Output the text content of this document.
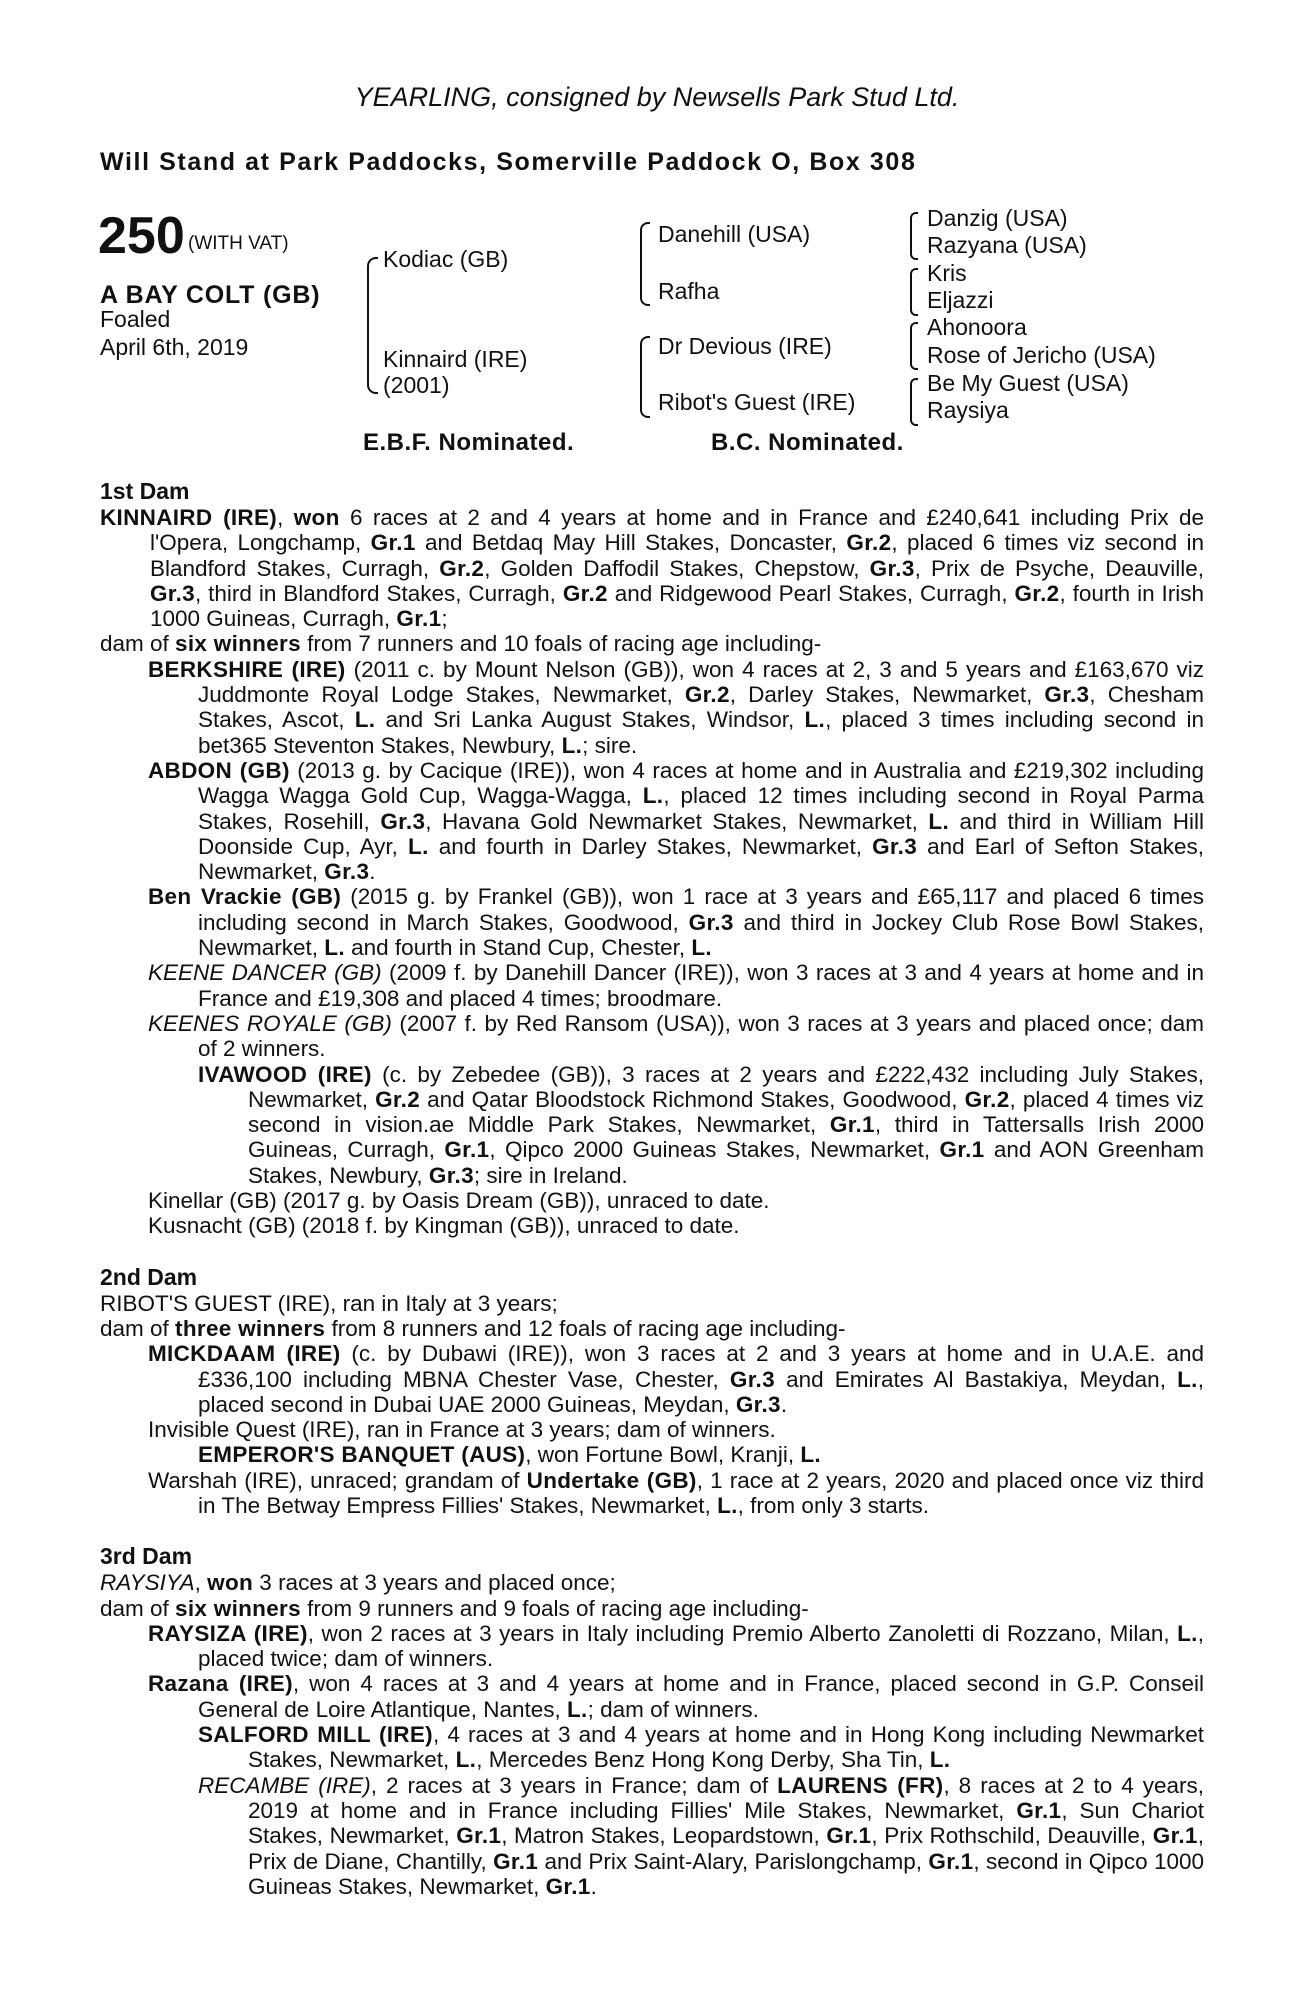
YEARLING, consigned by Newsells Park Stud Ltd.
Will Stand at Park Paddocks, Somerville Paddock O, Box 308
250 (WITH VAT)
A BAY COLT (GB)
Foaled
April 6th, 2019
Kodiac (GB)
Kinnaird (IRE)
(2001)
Danehill (USA)
Rafha
Dr Devious (IRE)
Ribot's Guest (IRE)
Danzig (USA)
Razyana (USA)
Kris
Eljazzi
Ahonoora
Rose of Jericho (USA)
Be My Guest (USA)
Raysiya
E.B.F. Nominated.	B.C. Nominated.
1st Dam
KINNAIRD (IRE), won 6 races at 2 and 4 years at home and in France and £240,641 including Prix de l'Opera, Longchamp, Gr.1 and Betdaq May Hill Stakes, Doncaster, Gr.2, placed 6 times viz second in Blandford Stakes, Curragh, Gr.2, Golden Daffodil Stakes, Chepstow, Gr.3, Prix de Psyche, Deauville, Gr.3, third in Blandford Stakes, Curragh, Gr.2 and Ridgewood Pearl Stakes, Curragh, Gr.2, fourth in Irish 1000 Guineas, Curragh, Gr.1;
dam of six winners from 7 runners and 10 foals of racing age including-
BERKSHIRE (IRE) (2011 c. by Mount Nelson (GB)), won 4 races at 2, 3 and 5 years and £163,670 viz Juddmonte Royal Lodge Stakes, Newmarket, Gr.2, Darley Stakes, Newmarket, Gr.3, Chesham Stakes, Ascot, L. and Sri Lanka August Stakes, Windsor, L., placed 3 times including second in bet365 Steventon Stakes, Newbury, L.; sire.
ABDON (GB) (2013 g. by Cacique (IRE)), won 4 races at home and in Australia and £219,302 including Wagga Wagga Gold Cup, Wagga-Wagga, L., placed 12 times including second in Royal Parma Stakes, Rosehill, Gr.3, Havana Gold Newmarket Stakes, Newmarket, L. and third in William Hill Doonside Cup, Ayr, L. and fourth in Darley Stakes, Newmarket, Gr.3 and Earl of Sefton Stakes, Newmarket, Gr.3.
Ben Vrackie (GB) (2015 g. by Frankel (GB)), won 1 race at 3 years and £65,117 and placed 6 times including second in March Stakes, Goodwood, Gr.3 and third in Jockey Club Rose Bowl Stakes, Newmarket, L. and fourth in Stand Cup, Chester, L.
KEENE DANCER (GB) (2009 f. by Danehill Dancer (IRE)), won 3 races at 3 and 4 years at home and in France and £19,308 and placed 4 times; broodmare.
KEENES ROYALE (GB) (2007 f. by Red Ransom (USA)), won 3 races at 3 years and placed once; dam of 2 winners.
IVAWOOD (IRE) (c. by Zebedee (GB)), 3 races at 2 years and £222,432 including July Stakes, Newmarket, Gr.2 and Qatar Bloodstock Richmond Stakes, Goodwood, Gr.2, placed 4 times viz second in vision.ae Middle Park Stakes, Newmarket, Gr.1, third in Tattersalls Irish 2000 Guineas, Curragh, Gr.1, Qipco 2000 Guineas Stakes, Newmarket, Gr.1 and AON Greenham Stakes, Newbury, Gr.3; sire in Ireland.
Kinellar (GB) (2017 g. by Oasis Dream (GB)), unraced to date.
Kusnacht (GB) (2018 f. by Kingman (GB)), unraced to date.
2nd Dam
RIBOT'S GUEST (IRE), ran in Italy at 3 years;
dam of three winners from 8 runners and 12 foals of racing age including-
MICKDAAM (IRE) (c. by Dubawi (IRE)), won 3 races at 2 and 3 years at home and in U.A.E. and £336,100 including MBNA Chester Vase, Chester, Gr.3 and Emirates Al Bastakiya, Meydan, L., placed second in Dubai UAE 2000 Guineas, Meydan, Gr.3.
Invisible Quest (IRE), ran in France at 3 years; dam of winners.
EMPEROR'S BANQUET (AUS), won Fortune Bowl, Kranji, L.
Warshah (IRE), unraced; grandam of Undertake (GB), 1 race at 2 years, 2020 and placed once viz third in The Betway Empress Fillies' Stakes, Newmarket, L., from only 3 starts.
3rd Dam
RAYSIYA, won 3 races at 3 years and placed once;
dam of six winners from 9 runners and 9 foals of racing age including-
RAYSIZA (IRE), won 2 races at 3 years in Italy including Premio Alberto Zanoletti di Rozzano, Milan, L., placed twice; dam of winners.
Razana (IRE), won 4 races at 3 and 4 years at home and in France, placed second in G.P. Conseil General de Loire Atlantique, Nantes, L.; dam of winners.
SALFORD MILL (IRE), 4 races at 3 and 4 years at home and in Hong Kong including Newmarket Stakes, Newmarket, L., Mercedes Benz Hong Kong Derby, Sha Tin, L.
RECAMBE (IRE), 2 races at 3 years in France; dam of LAURENS (FR), 8 races at 2 to 4 years, 2019 at home and in France including Fillies' Mile Stakes, Newmarket, Gr.1, Sun Chariot Stakes, Newmarket, Gr.1, Matron Stakes, Leopardstown, Gr.1, Prix Rothschild, Deauville, Gr.1, Prix de Diane, Chantilly, Gr.1 and Prix Saint-Alary, Parislongchamp, Gr.1, second in Qipco 1000 Guineas Stakes, Newmarket, Gr.1.
